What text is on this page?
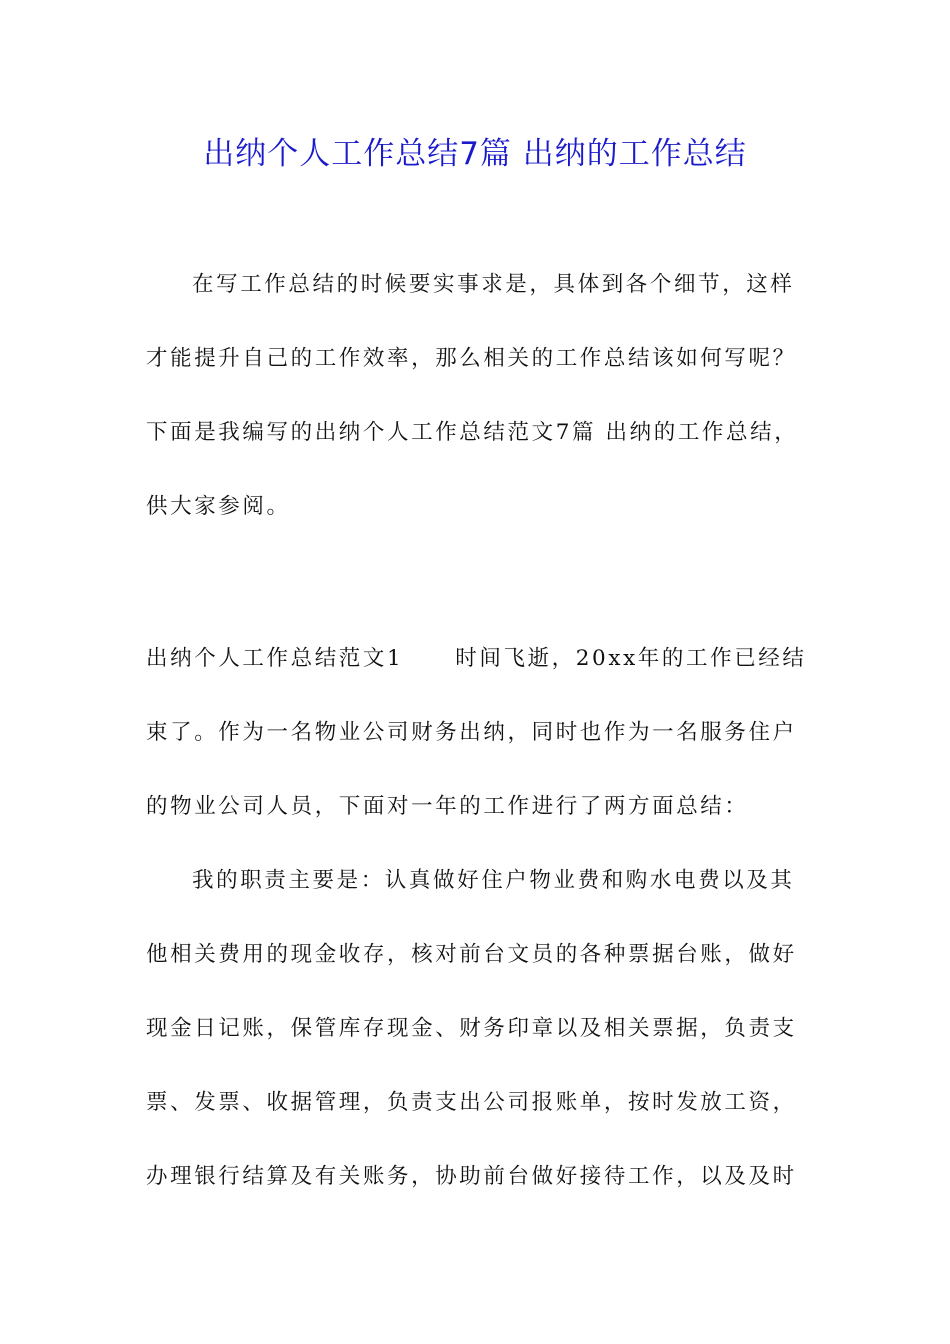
出纳个人工作总结7篇 出纳的工作总结
在写工作总结的时候要实事求是，具体到各个细节，这样
才能提升自己的工作效率，那么相关的工作总结该如何写呢？
下面是我编写的出纳个人工作总结范文7篇 出纳的工作总结，
供大家参阅。
出纳个人工作总结范文1 时间飞逝，20xx年的工作已经结
束了。作为一名物业公司财务出纳，同时也作为一名服务住户
的物业公司人员，下面对一年的工作进行了两方面总结：
我的职责主要是：认真做好住户物业费和购水电费以及其
他相关费用的现金收存，核对前台文员的各种票据台账，做好
现金日记账，保管库存现金、财务印章以及相关票据，负责支
票、发票、收据管理，负责支出公司报账单，按时发放工资，
办理银行结算及有关账务，协助前台做好接待工作，以及及时
